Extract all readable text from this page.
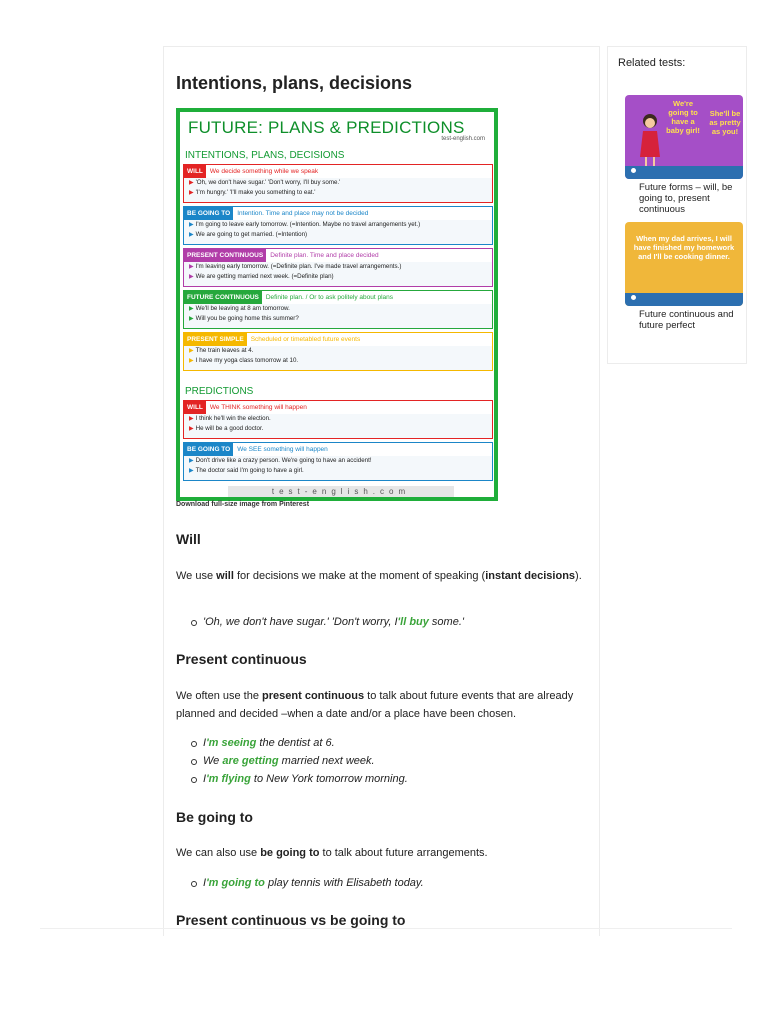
Intentions, plans, decisions
FUTURE: PLANS & PREDICTIONS
test-english.com
INTENTIONS, PLANS, DECISIONS
WILL	We decide something while we speak
▶ 'Oh, we don't have sugar.' 'Don't worry, I'll buy some.'
▶ 'I'm hungry.' 'I'll make you something to eat.'
BE GOING TO	Intention. Time and place may not be decided
▶ I'm going to leave early tomorrow. (=Intention. Maybe no travel arrangements yet.)
▶ We are going to get married. (=Intention)
PRESENT CONTINUOUS	Definite plan. Time and place decided
▶ I'm leaving early tomorrow. (=Definite plan. I've made travel arrangements.)
▶ We are getting married next week. (=Definite plan)
FUTURE CONTINUOUS	Definite plan. / Or to ask politely about plans
▶ We'll be leaving at 8 am tomorrow.
▶ Will you be going home this summer?
PRESENT SIMPLE	Scheduled or timetabled future events
▶ The train leaves at 4.
▶ I have my yoga class tomorrow at 10.
PREDICTIONS
WILL	We THINK something will happen
▶ I think he'll win the election.
▶ He will be a good doctor.
BE GOING TO	We SEE something will happen
▶ Don't drive like a crazy person. We're going to have an accident!
▶ The doctor said I'm going to have a girl.
test-english.com
Download full-size image from Pinterest
Will

We use will for decisions we make at the moment of speaking (instant decisions).

'Oh, we don't have sugar.' 'Don't worry, I'll buy some.'
Present continuous

We often use the present continuous to talk about future events that are already planned and decided –when a date and/or a place have been chosen.

I'm seeing the dentist at 6.
We are getting married next week.
I'm flying to New York tomorrow morning.
Be going to

We can also use be going to to talk about future arrangements.

I'm going to play tennis with Elisabeth today.
Present continuous vs be going to
Related tests:
We're going to have a baby girl!
She'll be as pretty as you!
Future forms – will, be going to, present continuous
When my dad arrives, I will have finished my homework and I'll be cooking dinner.
Future continuous and future perfect
